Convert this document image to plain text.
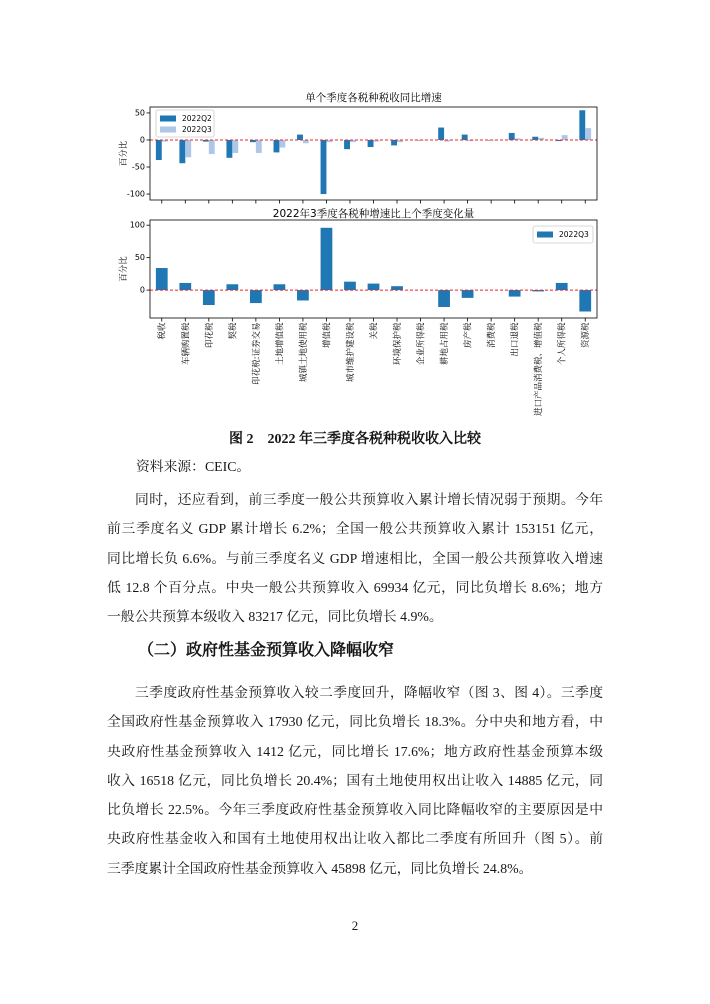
单个季度各税种税收同比增速
百分比
-100
-50
0
50
2022Q2
2022Q3
2022年3季度各税种增速比上个季度变化量
百分比
0
50
100
税收 车辆购置税 印花税 契税 印花税:证券交易 土地增值税 城镇土地使用税 增值税 城市维护建设税 关税 环境保护税 企业所得税 耕地占用税 房产税 消费税 出口退税 进口产品消费税、增值税 个人所得税 资源税
2022Q3
图 2　2022 年三季度各税种税收收入比较
资料来源：CEIC。
同时，还应看到，前三季度一般公共预算收入累计增长情况弱于预期。今年
前三季度名义 GDP 累计增长 6.2%；全国一般公共预算收入累计 153151 亿元，
同比增长负 6.6%。与前三季度名义 GDP 增速相比，全国一般公共预算收入增速
低 12.8 个百分点。中央一般公共预算收入 69934 亿元，同比负增长 8.6%；地方
一般公共预算本级收入 83217 亿元，同比负增长 4.9%。
（二）政府性基金预算收入降幅收窄
三季度政府性基金预算收入较二季度回升，降幅收窄（图 3、图 4）。三季度
全国政府性基金预算收入 17930 亿元，同比负增长 18.3%。分中央和地方看，中
央政府性基金预算收入 1412 亿元，同比增长 17.6%；地方政府性基金预算本级
收入 16518 亿元，同比负增长 20.4%；国有土地使用权出让收入 14885 亿元，同
比负增长 22.5%。今年三季度政府性基金预算收入同比降幅收窄的主要原因是中
央政府性基金收入和国有土地使用权出让收入都比二季度有所回升（图 5）。前
三季度累计全国政府性基金预算收入 45898 亿元，同比负增长 24.8%。
2
